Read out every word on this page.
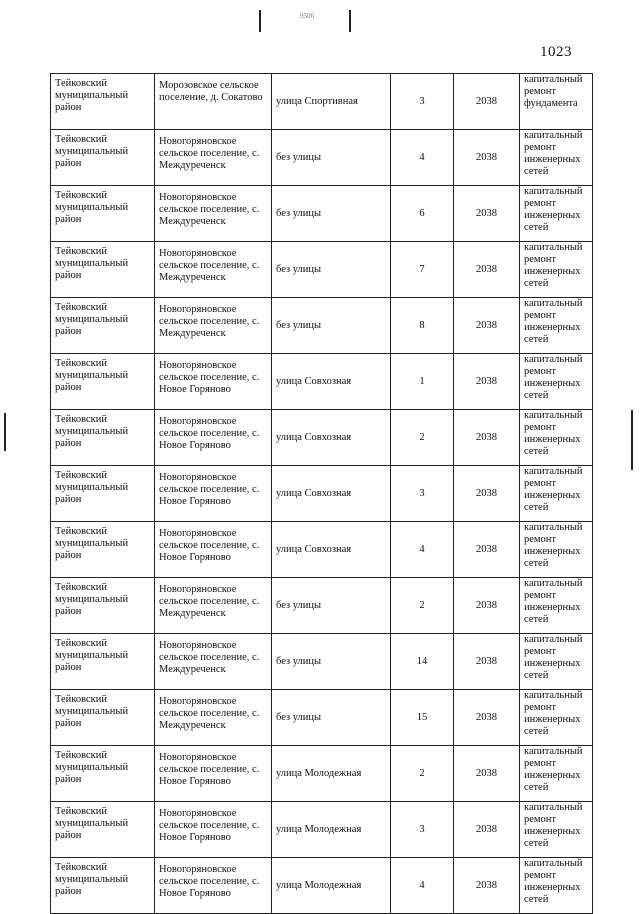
9506
1023
Тейковский муниципальный район	Морозовское сельское поселение, д. Сокатово	улица Спортивная	3	2038	капитальный ремонт фундамента
Тейковский муниципальный район	Новогоряновское сельское поселение, с. Междуреченск	без улицы	4	2038	капитальный ремонт инженерных сетей
Тейковский муниципальный район	Новогоряновское сельское поселение, с. Междуреченск	без улицы	6	2038	капитальный ремонт инженерных сетей
Тейковский муниципальный район	Новогоряновское сельское поселение, с. Междуреченск	без улицы	7	2038	капитальный ремонт инженерных сетей
Тейковский муниципальный район	Новогоряновское сельское поселение, с. Междуреченск	без улицы	8	2038	капитальный ремонт инженерных сетей
Тейковский муниципальный район	Новогоряновское сельское поселение, с. Новое Горяново	улица Совхозная	1	2038	капитальный ремонт инженерных сетей
Тейковский муниципальный район	Новогоряновское сельское поселение, с. Новое Горяново	улица Совхозная	2	2038	капитальный ремонт инженерных сетей
Тейковский муниципальный район	Новогоряновское сельское поселение, с. Новое Горяново	улица Совхозная	3	2038	капитальный ремонт инженерных сетей
Тейковский муниципальный район	Новогоряновское сельское поселение, с. Новое Горяново	улица Совхозная	4	2038	капитальный ремонт инженерных сетей
Тейковский муниципальный район	Новогоряновское сельское поселение, с. Междуреченск	без улицы	2	2038	капитальный ремонт инженерных сетей
Тейковский муниципальный район	Новогоряновское сельское поселение, с. Междуреченск	без улицы	14	2038	капитальный ремонт инженерных сетей
Тейковский муниципальный район	Новогоряновское сельское поселение, с. Междуреченск	без улицы	15	2038	капитальный ремонт инженерных сетей
Тейковский муниципальный район	Новогоряновское сельское поселение, с. Новое Горяново	улица Молодежная	2	2038	капитальный ремонт инженерных сетей
Тейковский муниципальный район	Новогоряновское сельское поселение, с. Новое Горяново	улица Молодежная	3	2038	капитальный ремонт инженерных сетей
Тейковский муниципальный район	Новогоряновское сельское поселение, с. Новое Горяново	улица Молодежная	4	2038	капитальный ремонт инженерных сетей
